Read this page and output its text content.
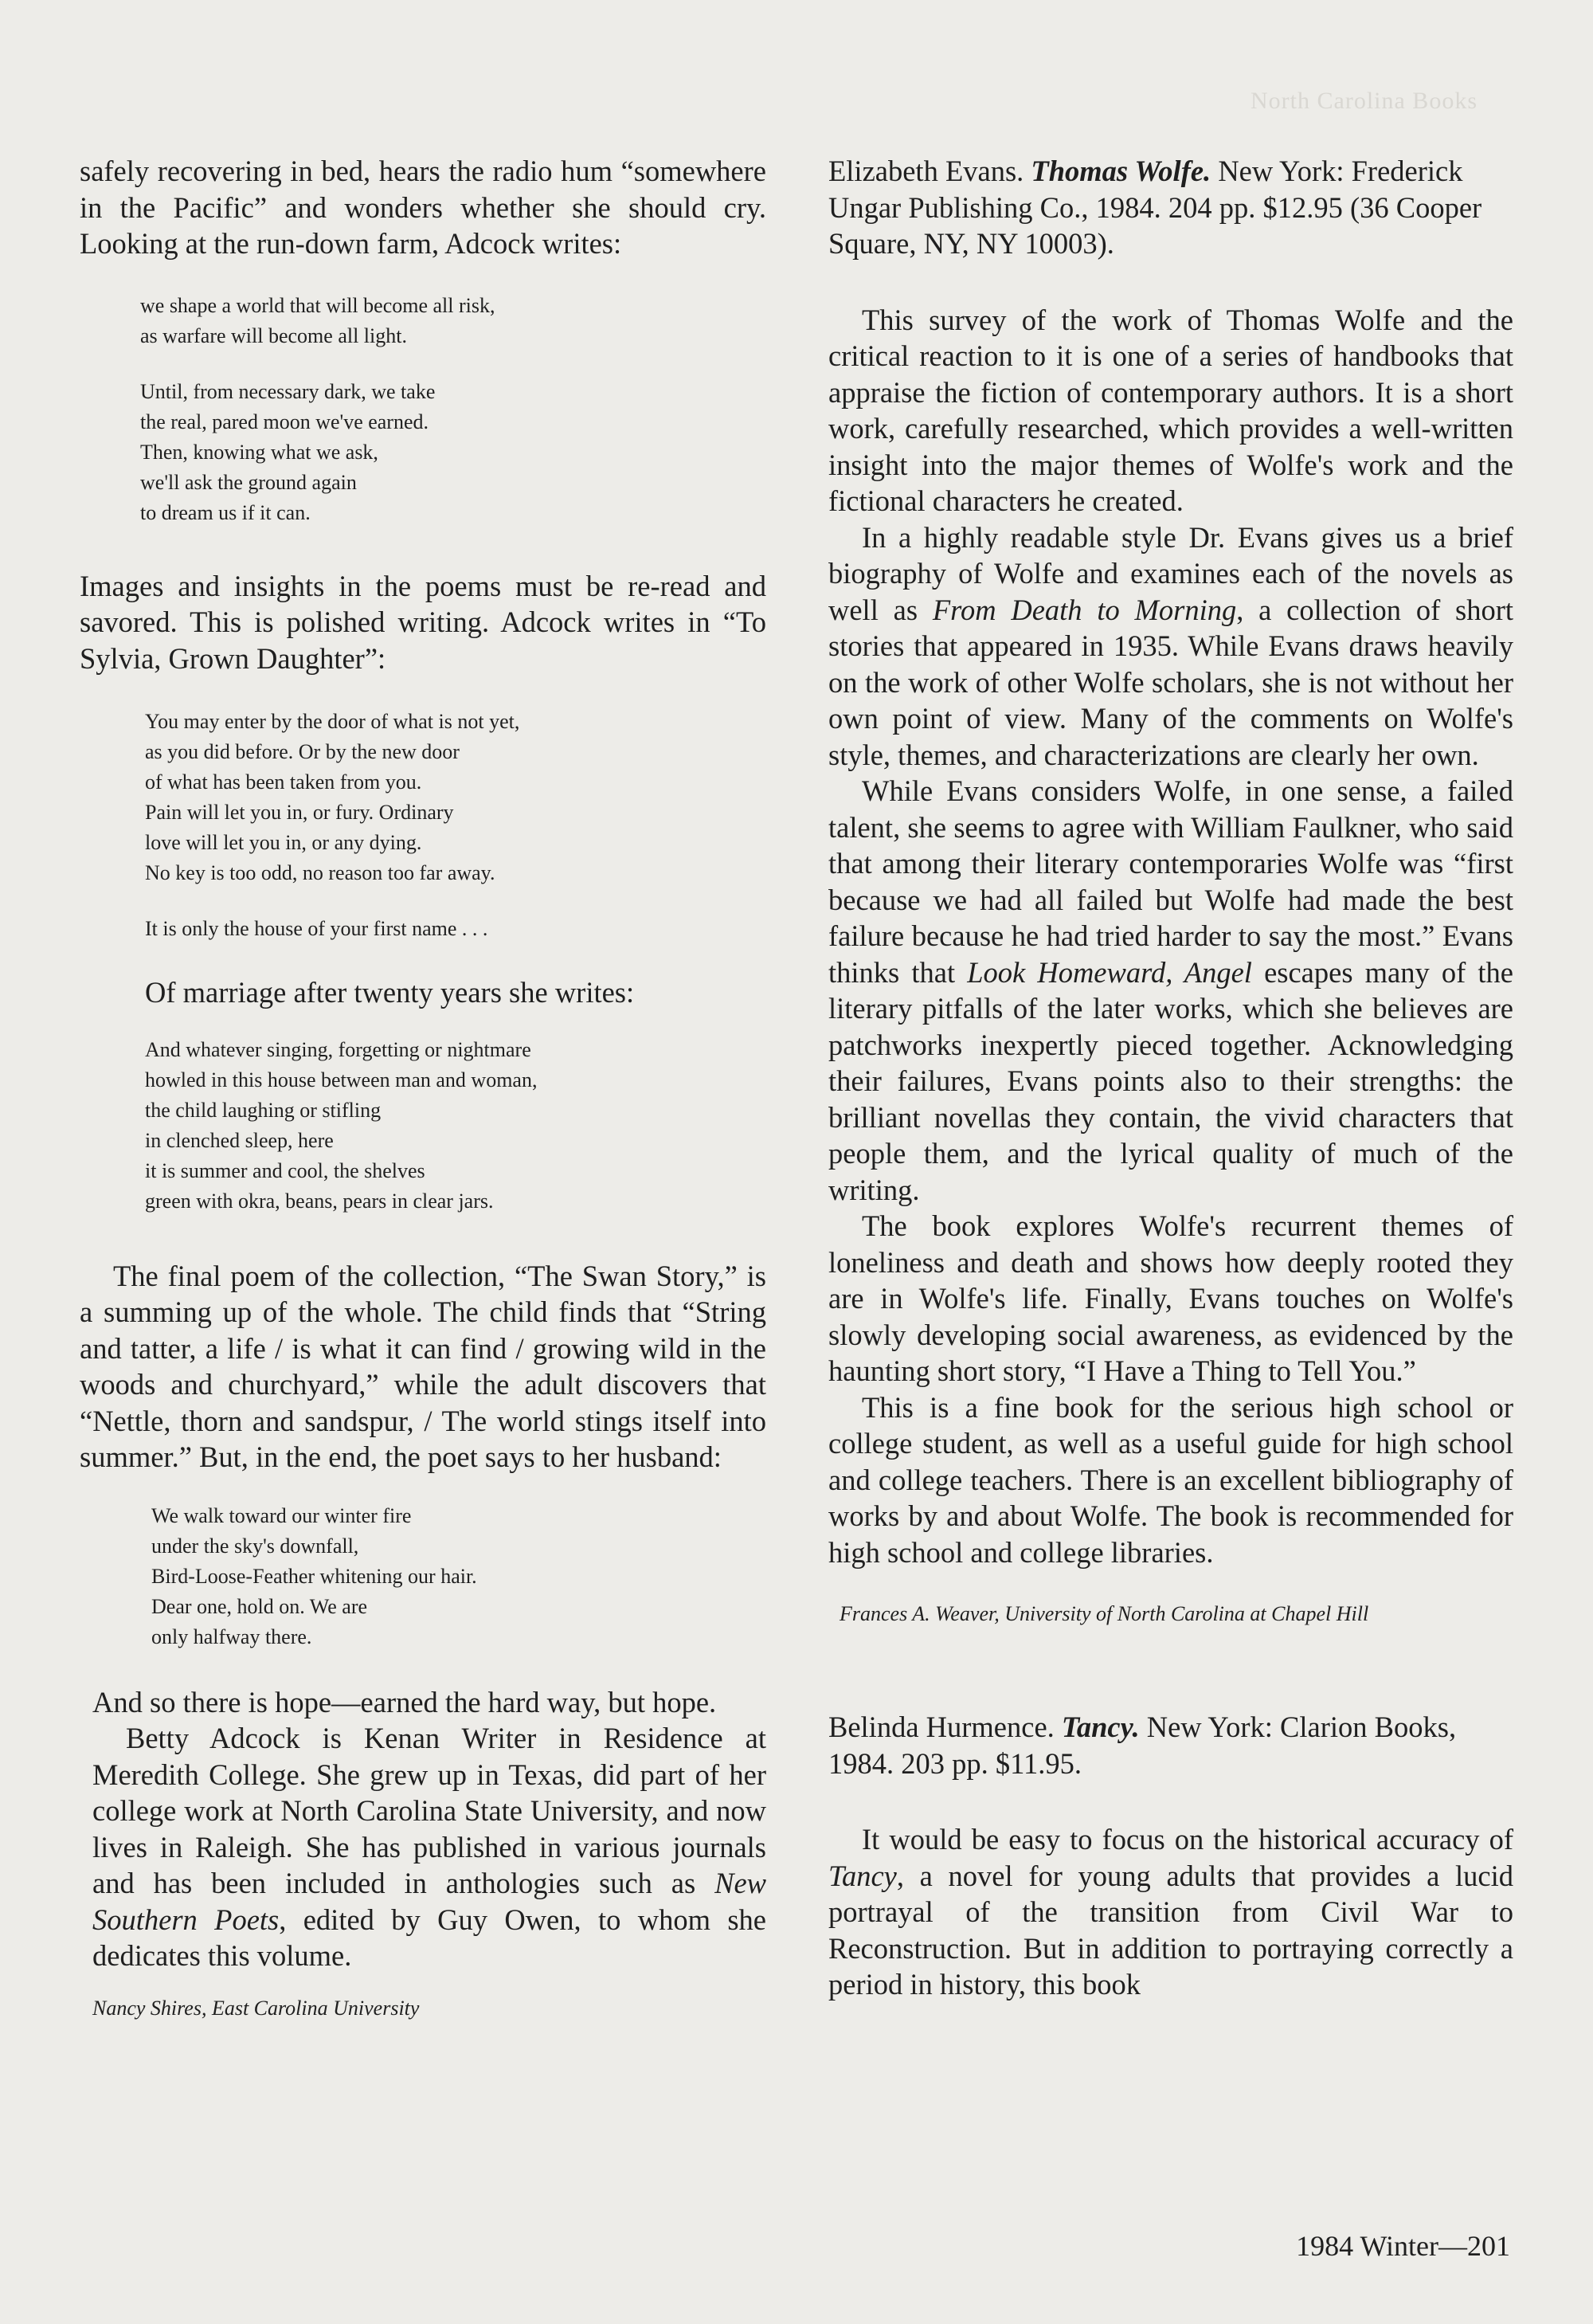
North Carolina Books

safely recovering in bed, hears the radio hum “somewhere in the Pacific” and wonders whether she should cry. Looking at the run-down farm, Adcock writes:

we shape a world that will become all risk,
as warfare will become all light.
Until, from necessary dark, we take
the real, pared moon we've earned.
Then, knowing what we ask,
we'll ask the ground again
to dream us if it can.

Images and insights in the poems must be re-read and savored. This is polished writing. Adcock writes in “To Sylvia, Grown Daughter”:

You may enter by the door of what is not yet,
as you did before. Or by the new door
of what has been taken from you.
Pain will let you in, or fury. Ordinary
love will let you in, or any dying.
No key is too odd, no reason too far away.
It is only the house of your first name . . .

Of marriage after twenty years she writes:

And whatever singing, forgetting or nightmare
howled in this house between man and woman,
the child laughing or stifling
in clenched sleep, here
it is summer and cool, the shelves
green with okra, beans, pears in clear jars.

The final poem of the collection, “The Swan Story,” is a summing up of the whole. The child finds that “String and tatter, a life / is what it can find / growing wild in the woods and churchyard,” while the adult discovers that “Nettle, thorn and sandspur, / The world stings itself into summer.” But, in the end, the poet says to her husband:

We walk toward our winter fire
under the sky's downfall,
Bird-Loose-Feather whitening our hair.
Dear one, hold on. We are
only halfway there.

And so there is hope—earned the hard way, but hope.

Betty Adcock is Kenan Writer in Residence at Meredith College. She grew up in Texas, did part of her college work at North Carolina State University, and now lives in Raleigh. She has published in various journals and has been included in anthologies such as New Southern Poets, edited by Guy Owen, to whom she dedicates this volume.

Nancy Shires, East Carolina University

Elizabeth Evans. Thomas Wolfe. New York: Frederick Ungar Publishing Co., 1984. 204 pp. $12.95 (36 Cooper Square, NY, NY 10003).

This survey of the work of Thomas Wolfe and the critical reaction to it is one of a series of handbooks that appraise the fiction of contemporary authors. It is a short work, carefully researched, which provides a well-written insight into the major themes of Wolfe's work and the fictional characters he created.

In a highly readable style Dr. Evans gives us a brief biography of Wolfe and examines each of the novels as well as From Death to Morning, a collection of short stories that appeared in 1935. While Evans draws heavily on the work of other Wolfe scholars, she is not without her own point of view. Many of the comments on Wolfe's style, themes, and characterizations are clearly her own.

While Evans considers Wolfe, in one sense, a failed talent, she seems to agree with William Faulkner, who said that among their literary contemporaries Wolfe was “first because we had all failed but Wolfe had made the best failure because he had tried harder to say the most.” Evans thinks that Look Homeward, Angel escapes many of the literary pitfalls of the later works, which she believes are patchworks inexpertly pieced together. Acknowledging their failures, Evans points also to their strengths: the brilliant novellas they contain, the vivid characters that people them, and the lyrical quality of much of the writing.

The book explores Wolfe's recurrent themes of loneliness and death and shows how deeply rooted they are in Wolfe's life. Finally, Evans touches on Wolfe's slowly developing social awareness, as evidenced by the haunting short story, “I Have a Thing to Tell You.”

This is a fine book for the serious high school or college student, as well as a useful guide for high school and college teachers. There is an excellent bibliography of works by and about Wolfe. The book is recommended for high school and college libraries.

Frances A. Weaver, University of North Carolina at Chapel Hill

Belinda Hurmence. Tancy. New York: Clarion Books, 1984. 203 pp. $11.95.

It would be easy to focus on the historical accuracy of Tancy, a novel for young adults that provides a lucid portrayal of the transition from Civil War to Reconstruction. But in addition to portraying correctly a period in history, this book

1984 Winter—201
